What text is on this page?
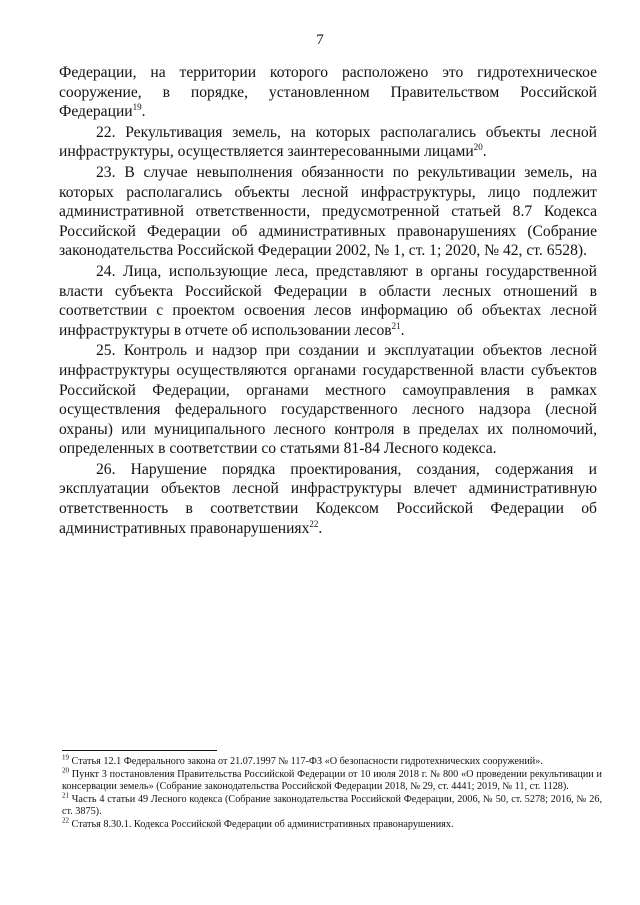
7

Федерации, на территории которого расположено это гидротехническое сооружение, в порядке, установленном Правительством Российской Федерации$^{19}$.

22. Рекультивация земель, на которых располагались объекты лесной инфраструктуры, осуществляется заинтересованными лицами$^{20}$.

23. В случае невыполнения обязанности по рекультивации земель, на которых располагались объекты лесной инфраструктуры, лицо подлежит административной ответственности, предусмотренной статьей 8.7 Кодекса Российской Федерации об административных правонарушениях (Собрание законодательства Российской Федерации 2002, № 1, ст. 1; 2020, № 42, ст. 6528).

24. Лица, использующие леса, представляют в органы государственной власти субъекта Российской Федерации в области лесных отношений в соответствии с проектом освоения лесов информацию об объектах лесной инфраструктуры в отчете об использовании лесов$^{21}$.

25. Контроль и надзор при создании и эксплуатации объектов лесной инфраструктуры осуществляются органами государственной власти субъектов Российской Федерации, органами местного самоуправления в рамках осуществления федерального государственного лесного надзора (лесной охраны) или муниципального лесного контроля в пределах их полномочий, определенных в соответствии со статьями 81-84 Лесного кодекса.

26. Нарушение порядка проектирования, создания, содержания и эксплуатации объектов лесной инфраструктуры влечет административную ответственность в соответствии Кодексом Российской Федерации об административных правонарушениях$^{22}$.

$^{19}$ Статья 12.1 Федерального закона от 21.07.1997 № 117-ФЗ «О безопасности гидротехнических сооружений».

$^{20}$ Пункт 3 постановления Правительства Российской Федерации от 10 июля 2018 г. № 800 «О проведении рекультивации и консервации земель» (Собрание законодательства Российской Федерации 2018, № 29, ст. 4441; 2019, № 11, ст. 1128).

$^{21}$ Часть 4 статьи 49 Лесного кодекса (Собрание законодательства Российской Федерации, 2006, № 50, ст. 5278; 2016, № 26, ст. 3875).

$^{22}$ Статья 8.30.1. Кодекса Российской Федерации об административных правонарушениях.
